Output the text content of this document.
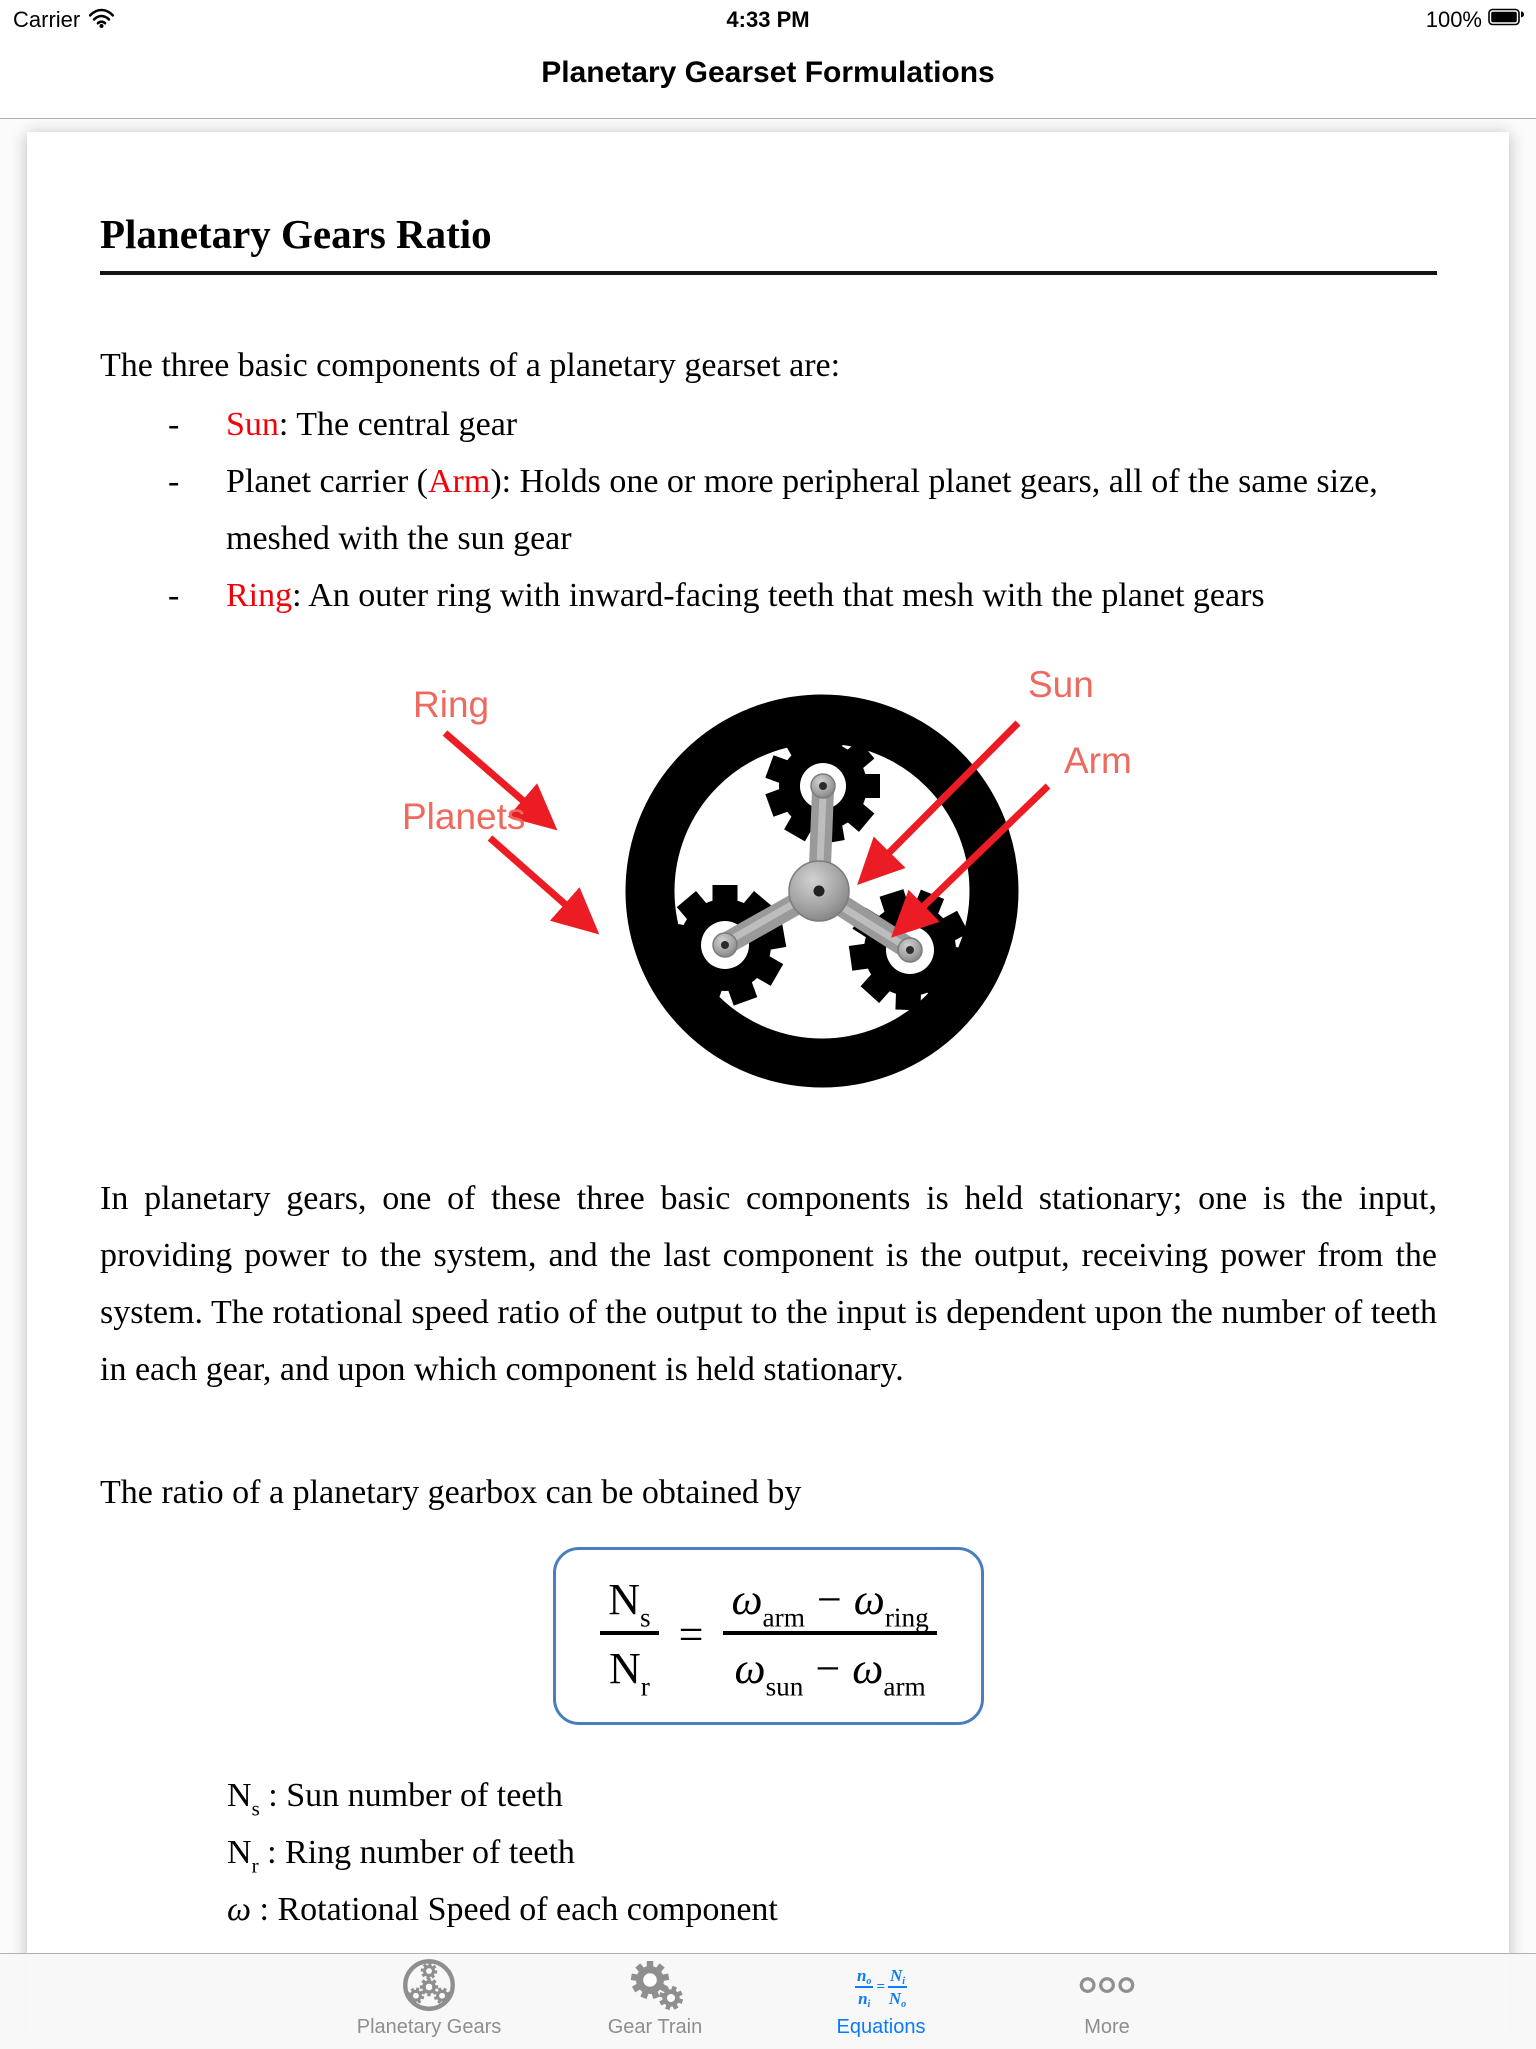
Carrier	4:33 PM	100%
Planetary Gearset Formulations
Planetary Gears Ratio
The three basic components of a planetary gearset are:
-	Sun: The central gear
-	Planet carrier (Arm): Holds one or more peripheral planet gears, all of the same size, meshed with the sun gear
-	Ring: An outer ring with inward-facing teeth that mesh with the planet gears
Ring
Planets
Sun
Arm
In planetary gears, one of these three basic components is held stationary; one is the input, providing power to the system, and the last component is the output, receiving power from the system. The rotational speed ratio of the output to the input is dependent upon the number of teeth in each gear, and upon which component is held stationary.
The ratio of a planetary gearbox can be obtained by
$\frac{N_s}{N_r} = \frac{\omega_{arm} - \omega_{ring}}{\omega_{sun} - \omega_{arm}}$
$N_s$ : Sun number of teeth
$N_r$ : Ring number of teeth
ω : Rotational Speed of each component
Planetary Gears	Gear Train
$\frac{n_o}{n_i} = \frac{N_i}{N_o}$
Equations	More
